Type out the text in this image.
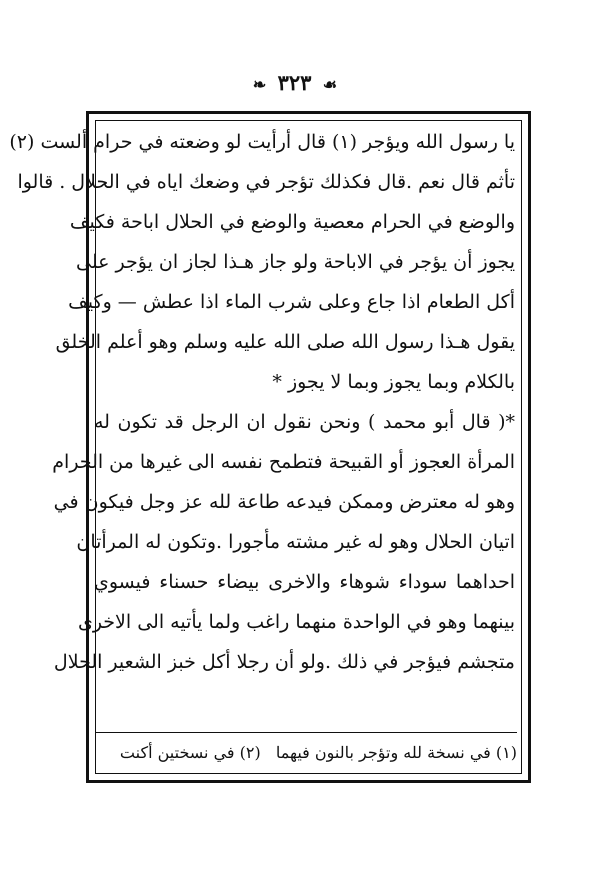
☙ ٣٢٣ ❧
يا رسول الله ويؤجر (١) قال أرأيت لو وضعته في حرام ألست (٢)
تأثم قال نعم .قال فكذلك تؤجر في وضعك اياه في الحلال . قالوا
والوضع في الحرام معصية والوضع في الحلال اباحة فكيف
يجوز أن يؤجر في الاباحة ولو جاز هـذا لجاز ان يؤجر على
أكل الطعام اذا جاع وعلى شرب الماء اذا عطش — وكيف
يقول هـذا رسول الله صلى الله عليه وسلم وهو أعلم الخلق
بالكلام وبما يجوز وبما لا يجوز *
*( قال أبو محمد ) ونحن نقول ان الرجل قد تكون له
المرأة العجوز أو القبيحة فتطمح نفسه الى غيرها من الحرام
وهو له معترض وممكن فيدعه طاعة لله عز وجل فيكون في
اتيان الحلال وهو له غير مشته مأجورا .وتكون له المرأتان
احداهما سوداء شوهاء والاخرى بيضاء حسناء فيسوي
بينهما وهو في الواحدة منهما راغب ولما يأتيه الى الاخرى
متجشم فيؤجر في ذلك .ولو أن رجلا أكل خبز الشعير الحلال
(١) في نسخة لله وتؤجر بالنون فيهما (٢) في نسختين أكنت
